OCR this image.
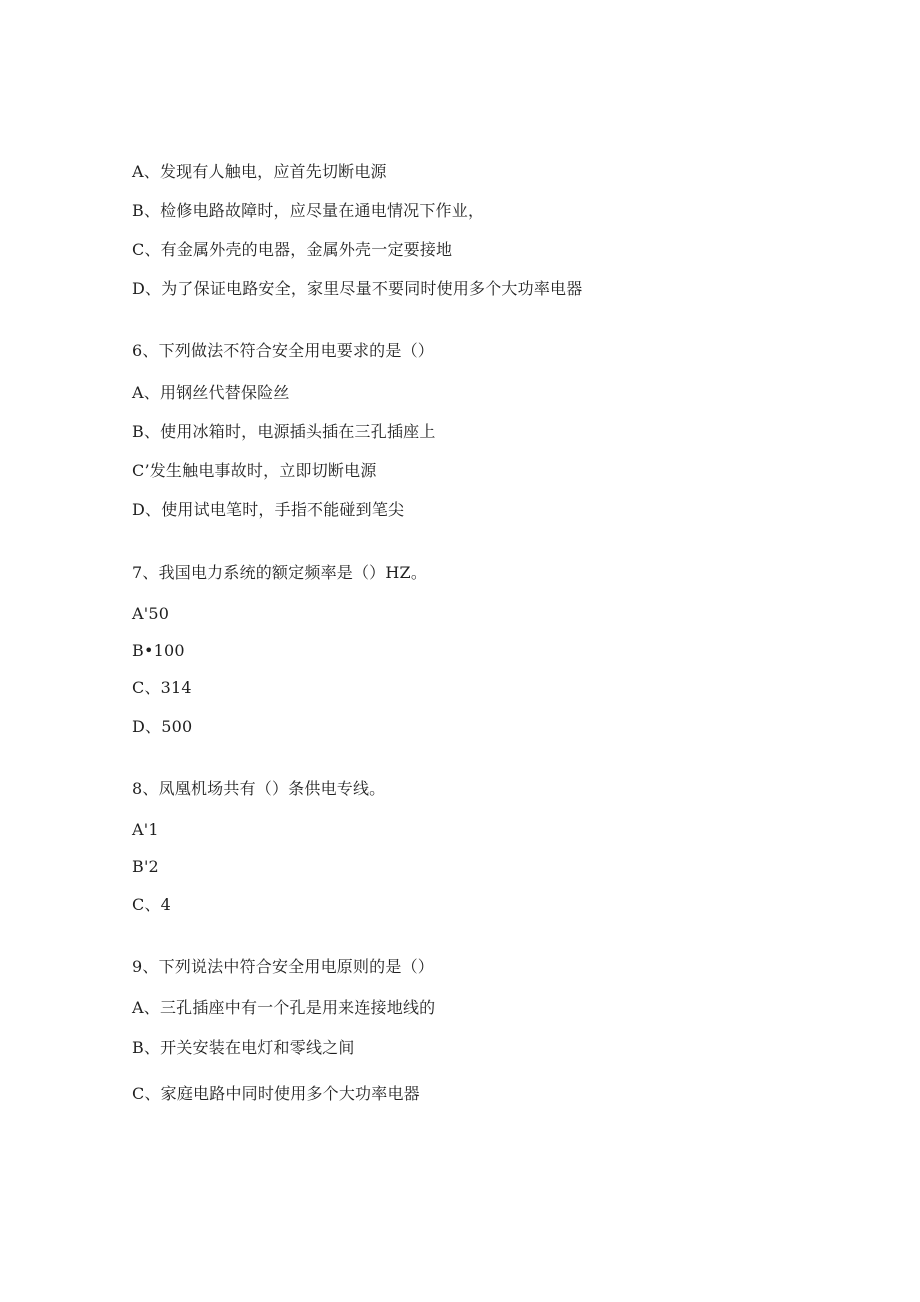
A、发现有人触电，应首先切断电源
B、检修电路故障时，应尽量在通电情况下作业，
C、有金属外壳的电器，金属外壳一定要接地
D、为了保证电路安全，家里尽量不要同时使用多个大功率电器
6、下列做法不符合安全用电要求的是（）
A、用钢丝代替保险丝
B、使用冰箱时，电源插头插在三孔插座上
C’发生触电事故时，立即切断电源
D、使用试电笔时，手指不能碰到笔尖
7、我国电力系统的额定频率是（）HZ。
A'50
B•100
C、314
D、500
8、凤凰机场共有（）条供电专线。
A'1
B'2
C、4
9、下列说法中符合安全用电原则的是（）
A、三孔插座中有一个孔是用来连接地线的
B、开关安装在电灯和零线之间
C、家庭电路中同时使用多个大功率电器
